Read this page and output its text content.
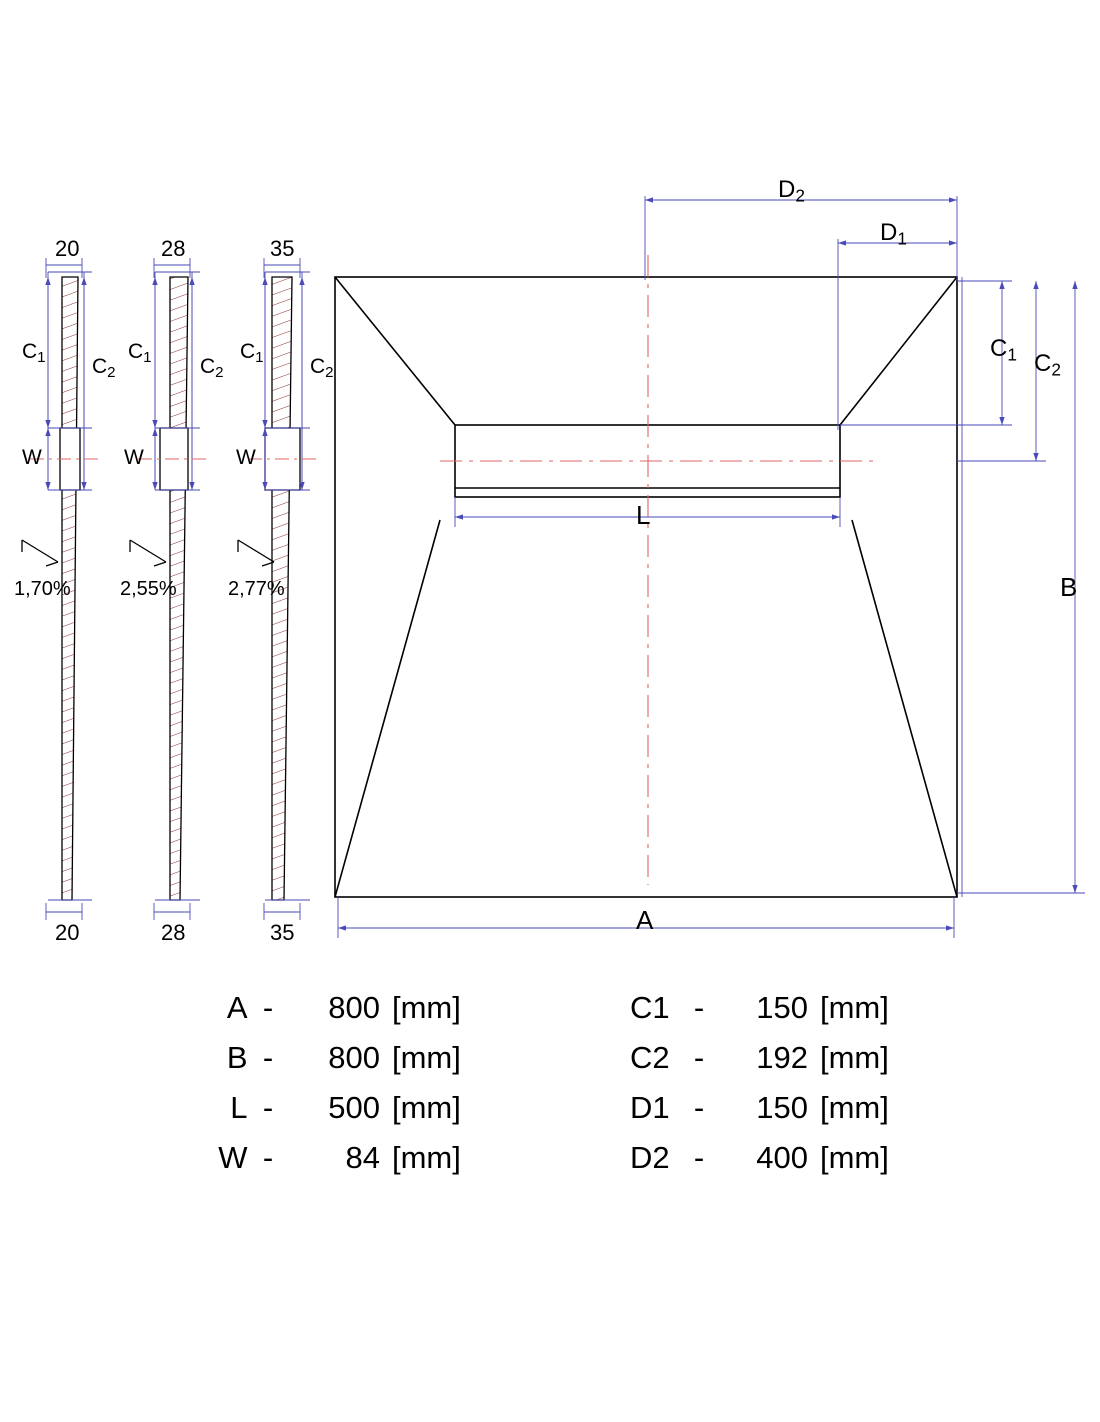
20
20
$C_1$ $C_2$
W
1,70%
28
28
$C_1$ $C_2$
W
2,55%
35
35
$C_1$ $C_2$
W
2,77%
$D_2$
$D_1$
$C_1$ $C_2$
B
L
A
A -	800 [mm]	C1 -	150 [mm]
B -	800 [mm]	C2 -	192 [mm]
L -	500 [mm]	D1 -	150 [mm]
W -	84 [mm]	D2 -	400 [mm]
